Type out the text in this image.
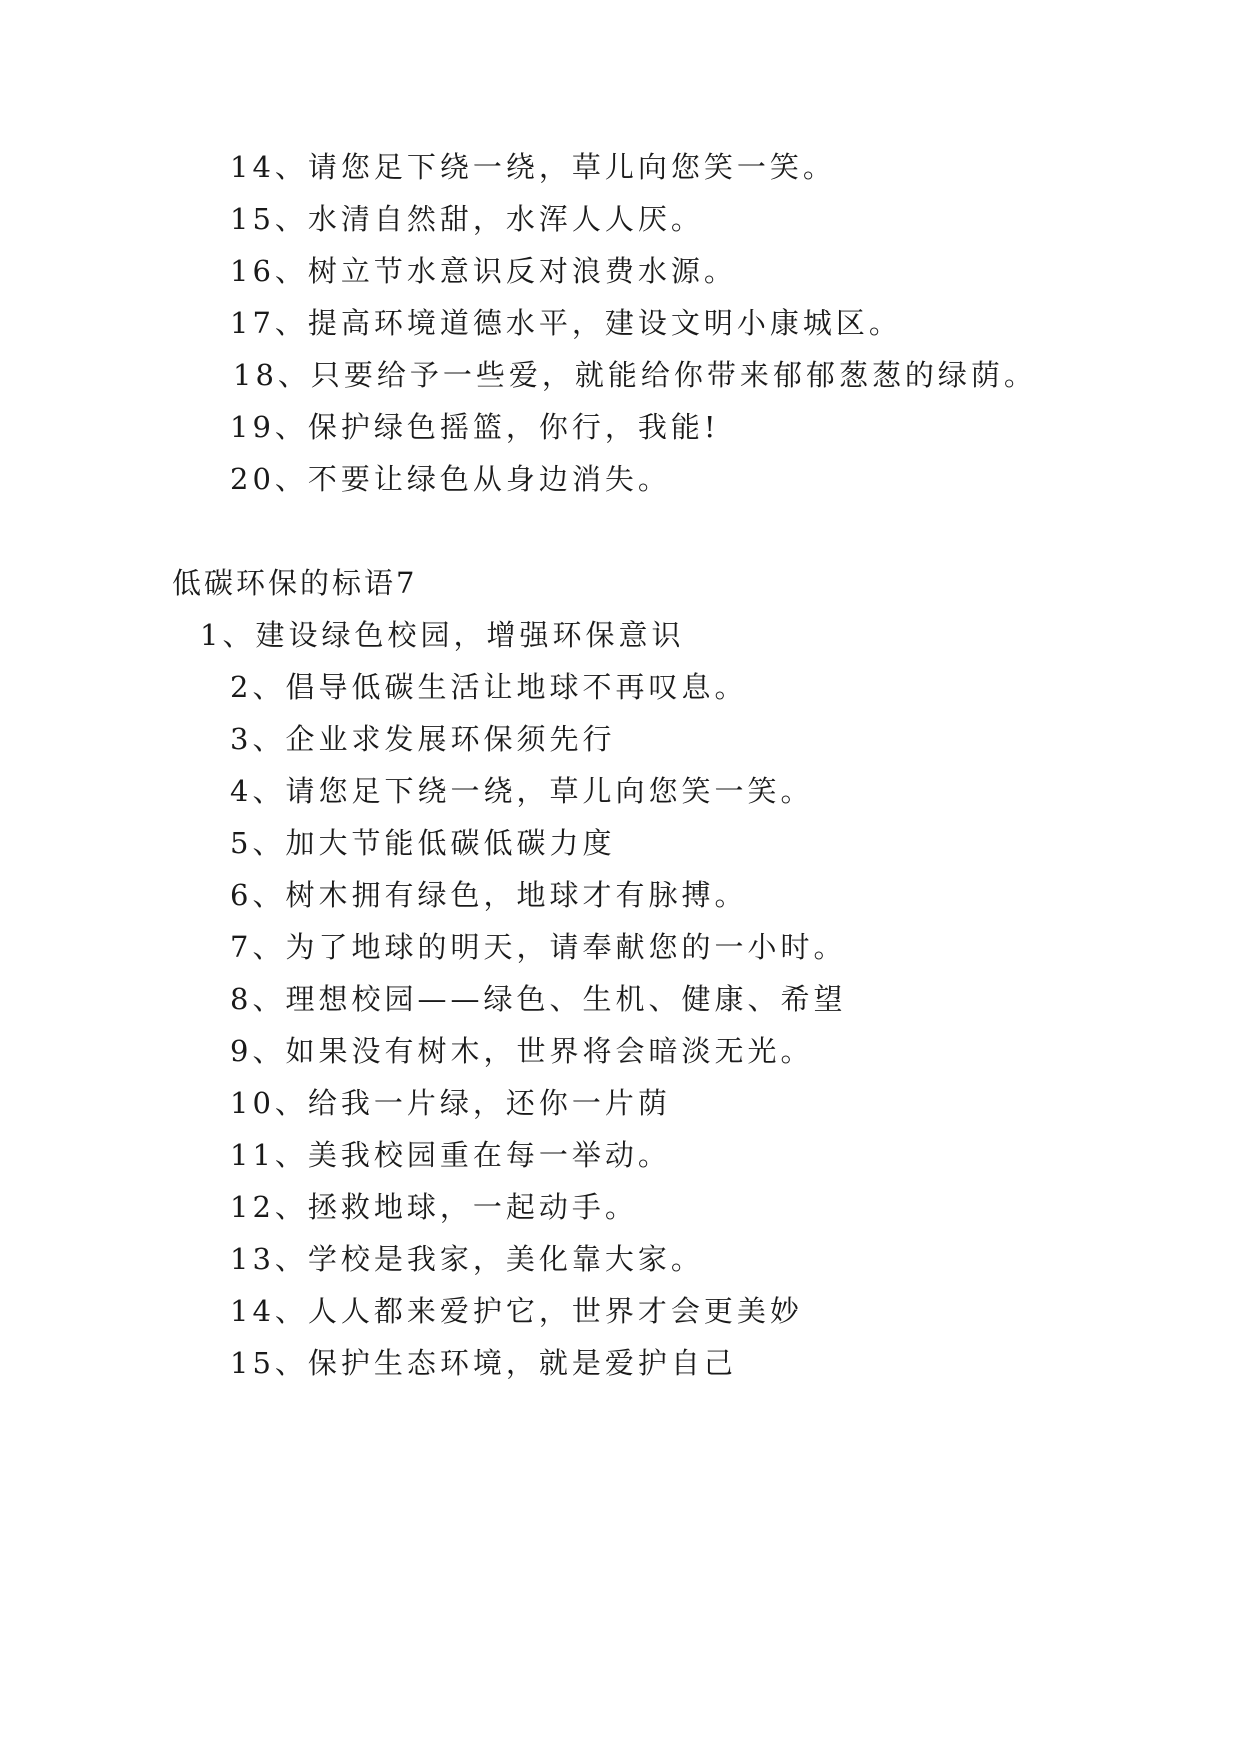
14、请您足下绕一绕，草儿向您笑一笑。
15、水清自然甜，水浑人人厌。
16、树立节水意识反对浪费水源。
17、提高环境道德水平，建设文明小康城区。
18、只要给予一些爱，就能给你带来郁郁葱葱的绿荫。
19、保护绿色摇篮，你行，我能!
20、不要让绿色从身边消失。
低碳环保的标语7
1、建设绿色校园，增强环保意识
2、倡导低碳生活让地球不再叹息。
3、企业求发展环保须先行
4、请您足下绕一绕，草儿向您笑一笑。
5、加大节能低碳低碳力度
6、树木拥有绿色，地球才有脉搏。
7、为了地球的明天，请奉献您的一小时。
8、理想校园——绿色、生机、健康、希望
9、如果没有树木，世界将会暗淡无光。
10、给我一片绿，还你一片荫
11、美我校园重在每一举动。
12、拯救地球，一起动手。
13、学校是我家，美化靠大家。
14、人人都来爱护它，世界才会更美妙
15、保护生态环境，就是爱护自己
